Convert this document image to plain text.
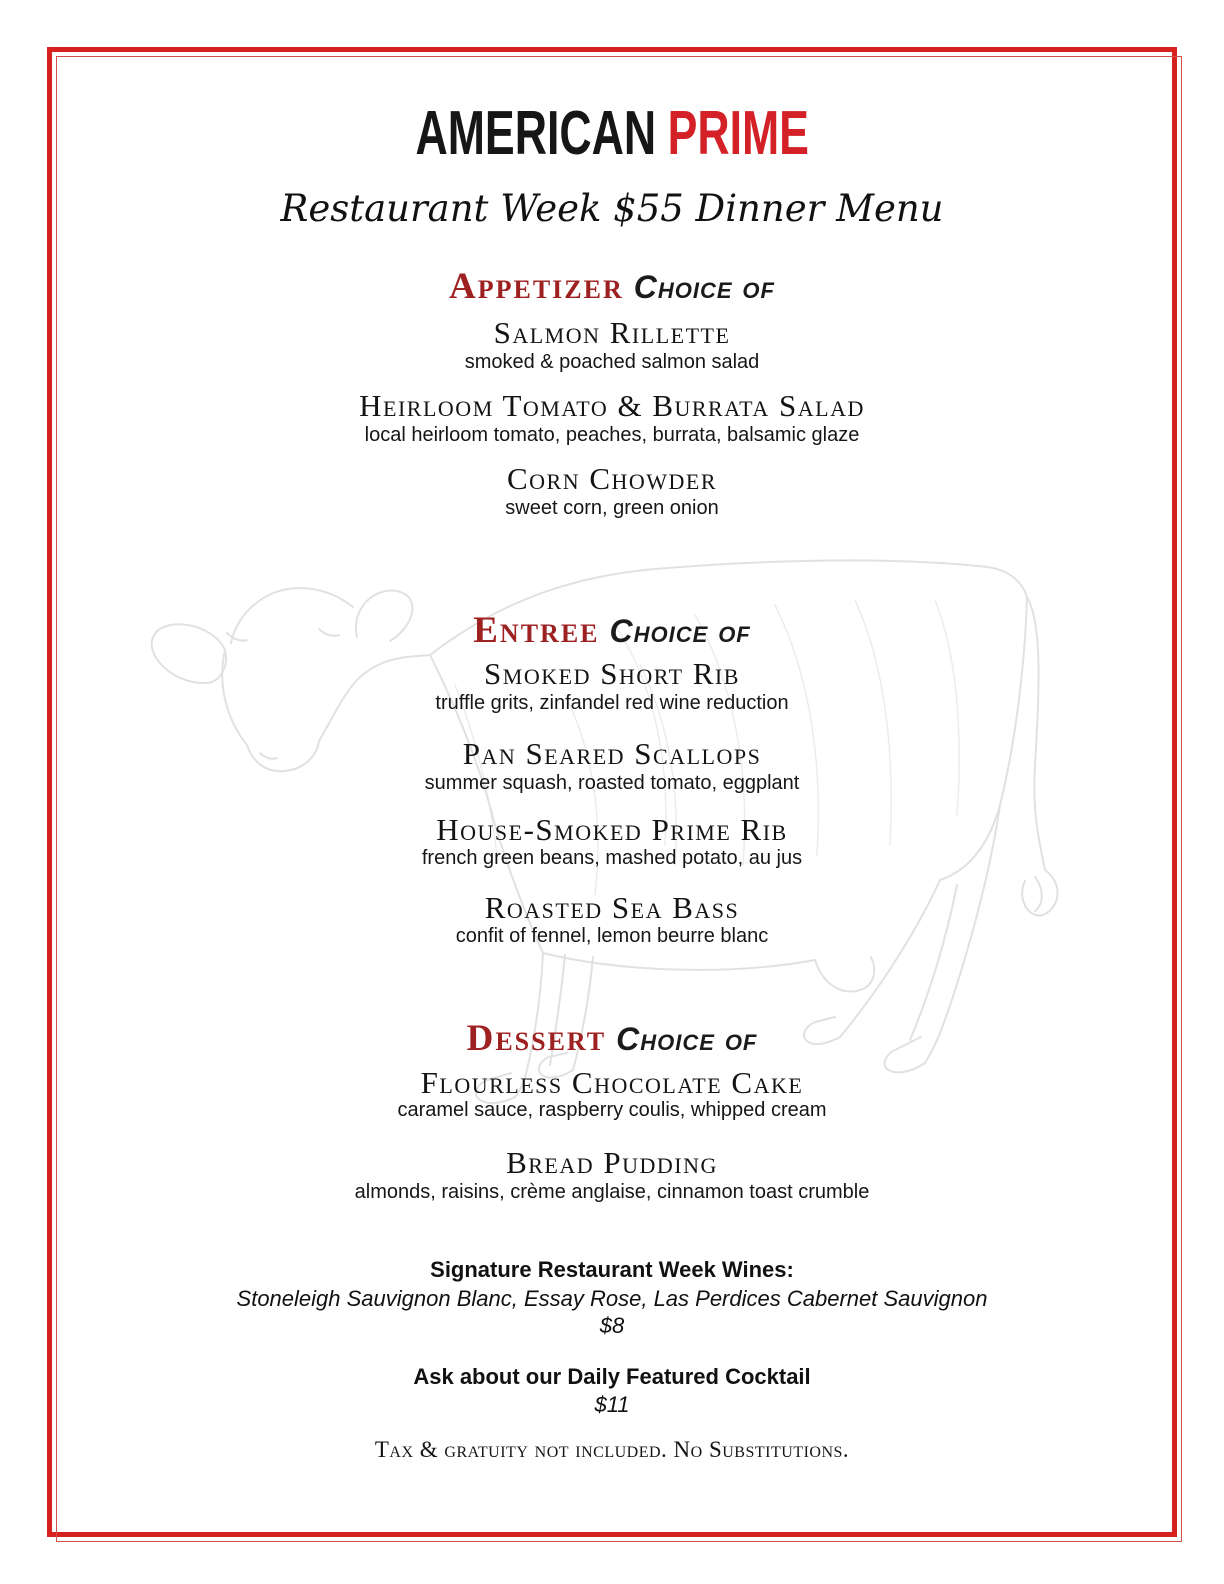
AMERICAN PRIME
Restaurant Week $55 Dinner Menu
Appetizer Choice of
Salmon Rillette
smoked & poached salmon salad
Heirloom Tomato & Burrata Salad
local heirloom tomato, peaches, burrata, balsamic glaze
Corn Chowder
sweet corn, green onion
Entree Choice of
Smoked Short Rib
truffle grits, zinfandel red wine reduction
Pan Seared Scallops
summer squash, roasted tomato, eggplant
House-Smoked Prime Rib
french green beans, mashed potato, au jus
Roasted Sea Bass
confit of fennel, lemon beurre blanc
Dessert Choice of
Flourless Chocolate Cake
caramel sauce, raspberry coulis, whipped cream
Bread Pudding
almonds, raisins, crème anglaise, cinnamon toast crumble
Signature Restaurant Week Wines:
Stoneleigh Sauvignon Blanc, Essay Rose, Las Perdices Cabernet Sauvignon
$8
Ask about our Daily Featured Cocktail
$11
Tax & gratuity not included. No Substitutions.
